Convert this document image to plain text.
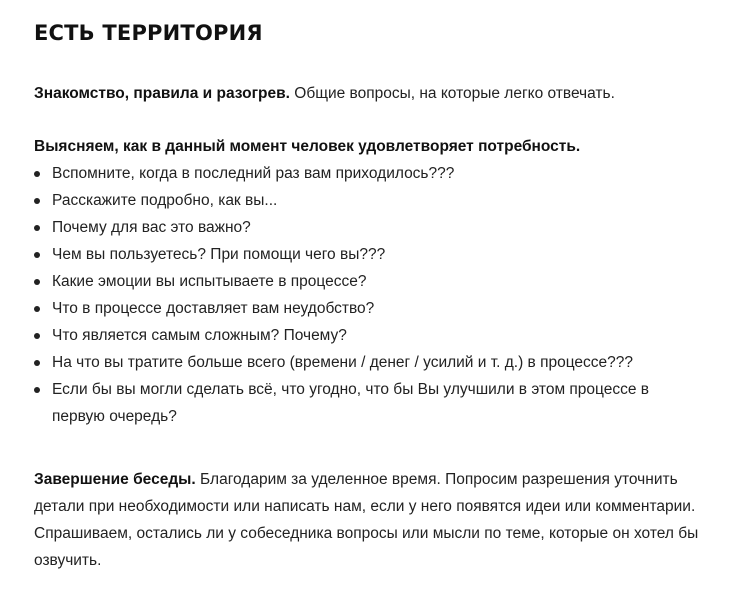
ЕСТЬ ТЕРРИТОРИЯ

Знакомство, правила и разогрев. Общие вопросы, на которые легко отвечать.

Выясняем, как в данный момент человек удовлетворяет потребность.

Вспомните, когда в последний раз вам приходилось???
Расскажите подробно, как вы...
Почему для вас это важно?
Чем вы пользуетесь? При помощи чего вы???
Какие эмоции вы испытываете в процессе?
Что в процессе доставляет вам неудобство?
Что является самым сложным? Почему?
На что вы тратите больше всего (времени / денег / усилий и т. д.) в процессе???
Если бы вы могли сделать всё, что угодно, что бы Вы улучшили в этом процессе в первую очередь?

Завершение беседы. Благодарим за уделенное время. Попросим разрешения уточнить детали при необходимости или написать нам, если у него появятся идеи или комментарии. Спрашиваем, остались ли у собеседника вопросы или мысли по теме, которые он хотел бы озвучить.
